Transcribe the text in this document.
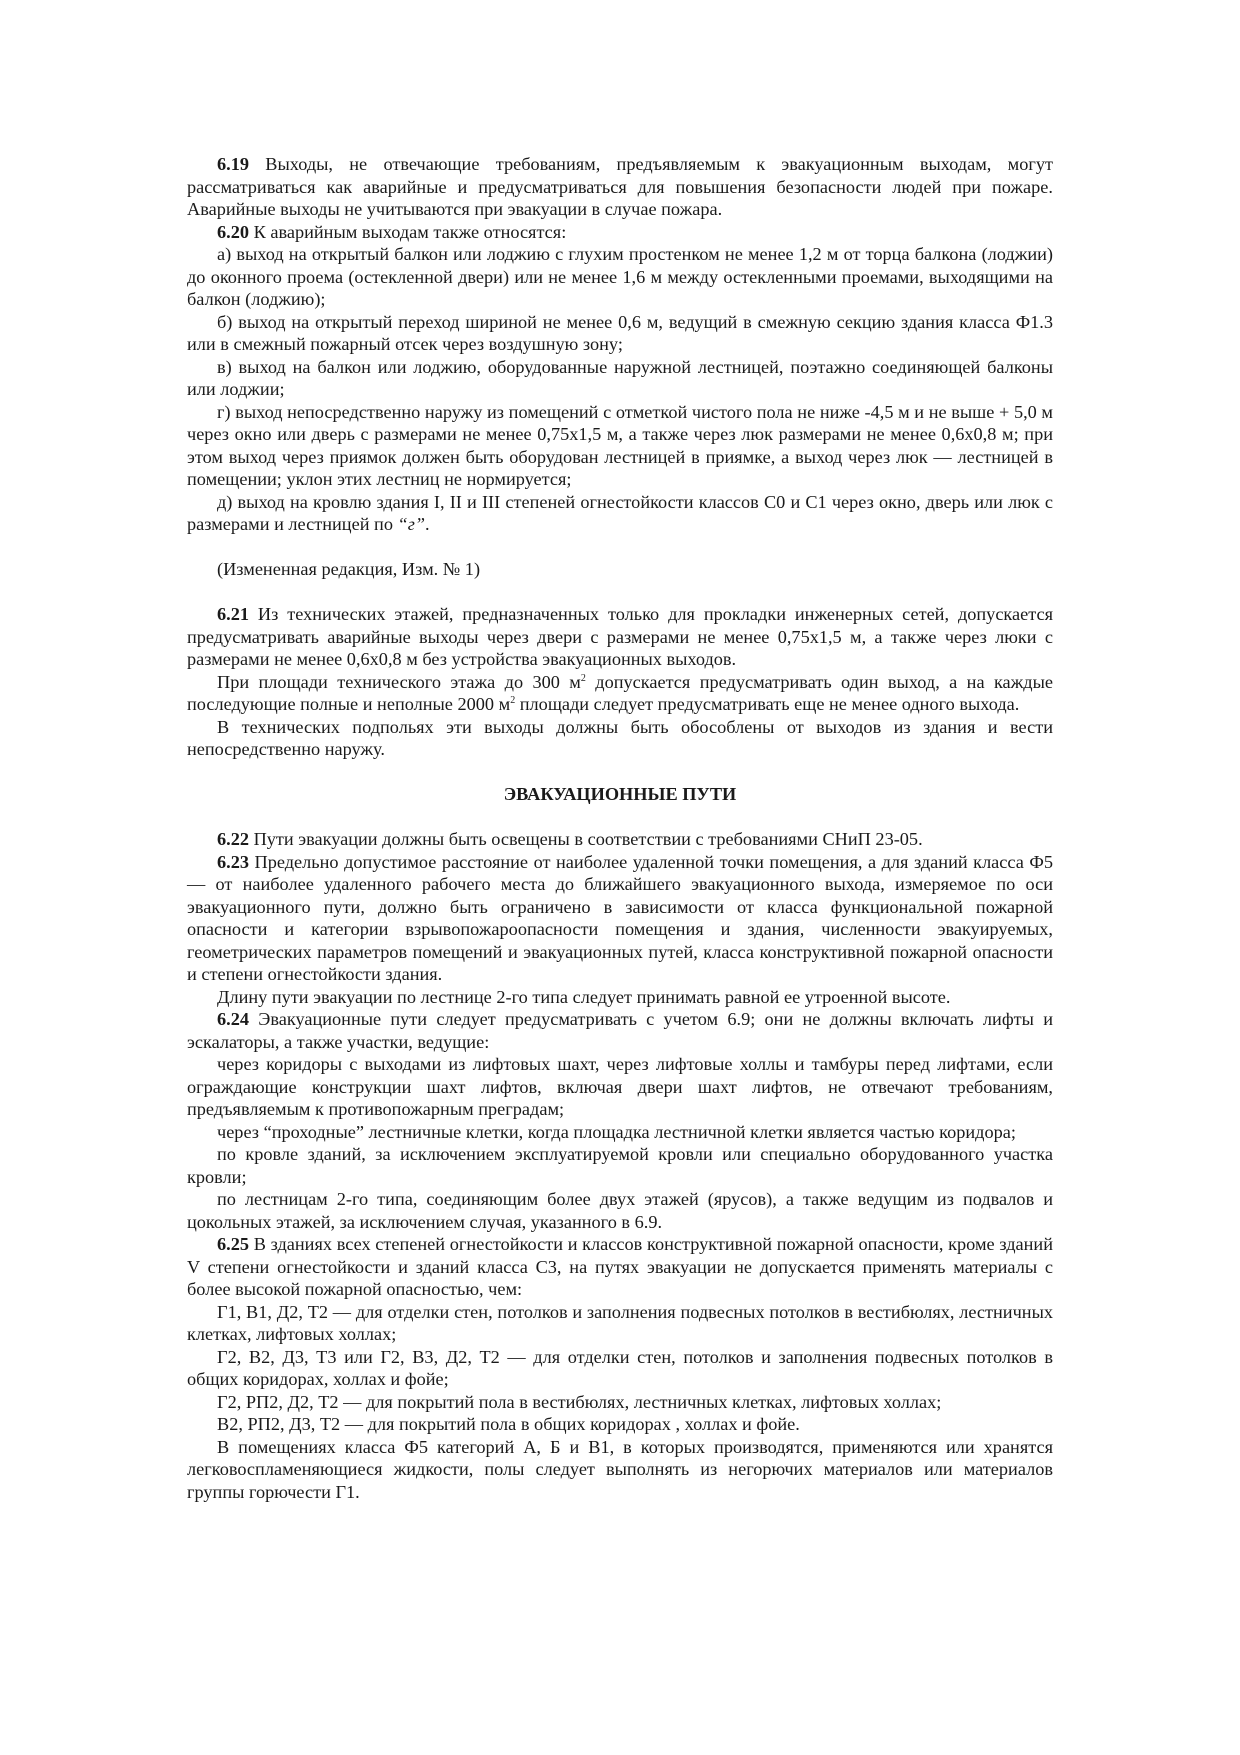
6.19 Выходы, не отвечающие требованиям, предъявляемым к эвакуационным выходам, могут рассматриваться как аварийные и предусматриваться для повышения безопасности людей при пожаре. Аварийные выходы не учитываются при эвакуации в случае пожара.

6.20 К аварийным выходам также относятся:

а) выход на открытый балкон или лоджию с глухим простенком не менее 1,2 м от торца балкона (лоджии) до оконного проема (остекленной двери) или не менее 1,6 м между остекленными проемами, выходящими на балкон (лоджию);

б) выход на открытый переход шириной не менее 0,6 м, ведущий в смежную секцию здания класса Ф1.3 или в смежный пожарный отсек через воздушную зону;

в) выход на балкон или лоджию, оборудованные наружной лестницей, поэтажно соединяющей балконы или лоджии;

г) выход непосредственно наружу из помещений с отметкой чистого пола не ниже -4,5 м и не выше + 5,0 м через окно или дверь с размерами не менее 0,75х1,5 м, а также через люк размерами не менее 0,6х0,8 м; при этом выход через приямок должен быть оборудован лестницей в приямке, а выход через люк — лестницей в помещении; уклон этих лестниц не нормируется;

д) выход на кровлю здания I, II и III степеней огнестойкости классов С0 и С1 через окно, дверь или люк с размерами и лестницей по “г”.

(Измененная редакция, Изм. № 1)

6.21 Из технических этажей, предназначенных только для прокладки инженерных сетей, допускается предусматривать аварийные выходы через двери с размерами не менее 0,75х1,5 м, а также через люки с размерами не менее 0,6х0,8 м без устройства эвакуационных выходов.

При площади технического этажа до 300 $м^2$ допускается предусматривать один выход, а на каждые последующие полные и неполные 2000 $м^2$ площади следует предусматривать еще не менее одного выхода.

В технических подпольях эти выходы должны быть обособлены от выходов из здания и вести непосредственно наружу.

ЭВАКУАЦИОННЫЕ ПУТИ

6.22 Пути эвакуации должны быть освещены в соответствии с требованиями СНиП 23-05.

6.23 Предельно допустимое расстояние от наиболее удаленной точки помещения, а для зданий класса Ф5 — от наиболее удаленного рабочего места до ближайшего эвакуационного выхода, измеряемое по оси эвакуационного пути, должно быть ограничено в зависимости от класса функциональной пожарной опасности и категории взрывопожароопасности помещения и здания, численности эвакуируемых, геометрических параметров помещений и эвакуационных путей, класса конструктивной пожарной опасности и степени огнестойкости здания.

Длину пути эвакуации по лестнице 2-го типа следует принимать равной ее утроенной высоте.

6.24 Эвакуационные пути следует предусматривать с учетом 6.9; они не должны включать лифты и эскалаторы, а также участки, ведущие:

через коридоры с выходами из лифтовых шахт, через лифтовые холлы и тамбуры перед лифтами, если ограждающие конструкции шахт лифтов, включая двери шахт лифтов, не отвечают требованиям, предъявляемым к противопожарным преградам;

через “проходные” лестничные клетки, когда площадка лестничной клетки является частью коридора;

по кровле зданий, за исключением эксплуатируемой кровли или специально оборудованного участка кровли;

по лестницам 2-го типа, соединяющим более двух этажей (ярусов), а также ведущим из подвалов и цокольных этажей, за исключением случая, указанного в 6.9.

6.25 В зданиях всех степеней огнестойкости и классов конструктивной пожарной опасности, кроме зданий V степени огнестойкости и зданий класса С3, на путях эвакуации не допускается применять материалы с более высокой пожарной опасностью, чем:

Г1, В1, Д2, Т2 — для отделки стен, потолков и заполнения подвесных потолков в вестибюлях, лестничных клетках, лифтовых холлах;

Г2, В2, Д3, Т3 или Г2, В3, Д2, Т2 — для отделки стен, потолков и заполнения подвесных потолков в общих коридорах, холлах и фойе;

Г2, РП2, Д2, Т2 — для покрытий пола в вестибюлях, лестничных клетках, лифтовых холлах;

В2, РП2, Д3, Т2 — для покрытий пола в общих коридорах , холлах и фойе.

В помещениях класса Ф5 категорий А, Б и В1, в которых производятся, применяются или хранятся легковоспламеняющиеся жидкости, полы следует выполнять из негорючих материалов или материалов группы горючести Г1.
